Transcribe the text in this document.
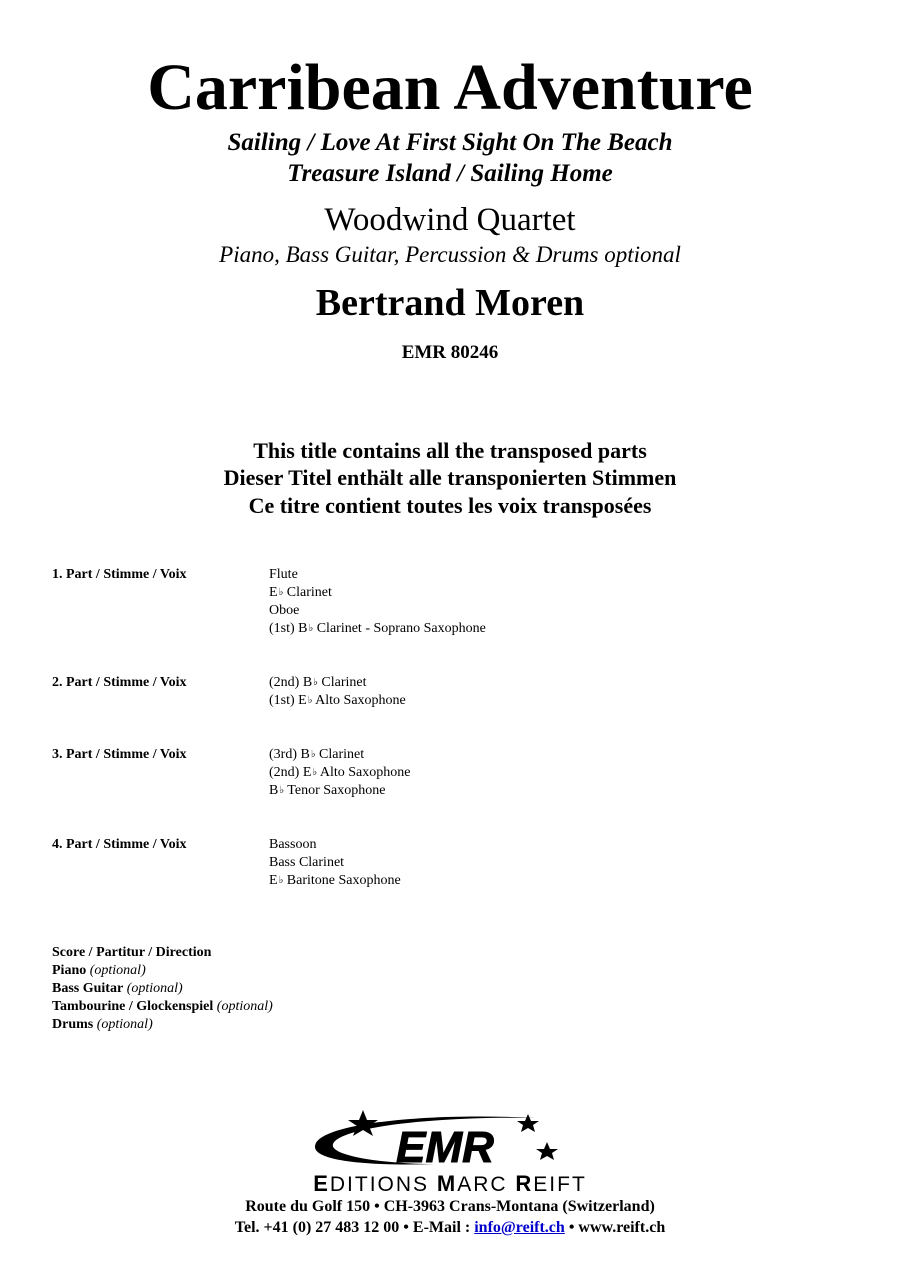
Carribean Adventure
Sailing / Love At First Sight On The Beach
Treasure Island / Sailing Home
Woodwind Quartet
Piano, Bass Guitar, Percussion & Drums optional
Bertrand Moren
EMR 80246
This title contains all the transposed parts
Dieser Titel enthält alle transponierten Stimmen
Ce titre contient toutes les voix transposées
1. Part / Stimme / Voix	Flute
E♭ Clarinet
Oboe
(1st) B♭ Clarinet - Soprano Saxophone
2. Part / Stimme / Voix	(2nd) B♭ Clarinet
(1st) E♭ Alto Saxophone
3. Part / Stimme / Voix	(3rd) B♭ Clarinet
(2nd) E♭ Alto Saxophone
B♭ Tenor Saxophone
4. Part / Stimme / Voix	Bassoon
Bass Clarinet
E♭ Baritone Saxophone
Score / Partitur / Direction
Piano (optional)
Bass Guitar (optional)
Tambourine / Glockenspiel (optional)
Drums (optional)
EMR
EDITIONS MARC REIFT
Route du Golf 150 • CH-3963 Crans-Montana (Switzerland)
Tel. +41 (0) 27 483 12 00 • E-Mail : info@reift.ch • www.reift.ch
